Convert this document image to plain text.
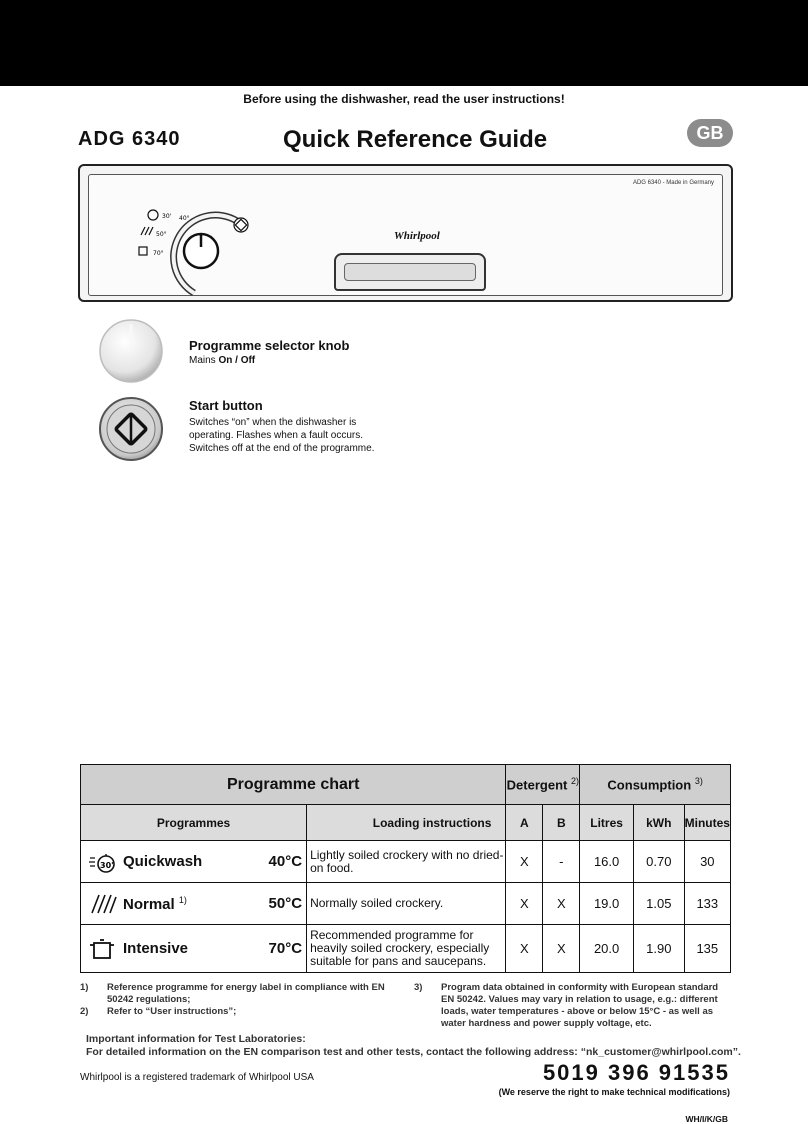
Before using the dishwasher, read the user instructions!
ADG 6340	Quick Reference Guide	GB
ADG 6340 - Made in Germany
30' 40°
50°
70°
Whirlpool
Programme selector knob
Mains On / Off
Start button
Switches “on” when the dishwasher is
operating. Flashes when a fault occurs.
Switches off at the end of the programme.
Programme chart		Detergent $^{2)}$		Consumption $^{3)}$
Programmes	Loading instructions	A	B	Litres	kWh	Minutes

30' Quickwash 40°C	Lightly soiled crockery with no dried-on food.	X	-	16.0	0.70	30

Normal $^{1)}$ 50°C	Normally soiled crockery.	X	X	19.0	1.05	133

Intensive 70°C	Recommended programme for heavily soiled crockery, especially suitable for pans and saucepans.	X	X	20.0	1.90	135
1) Reference programme for energy label in compliance with EN 50242 regulations;
2) Refer to “User instructions”;
3) Program data obtained in conformity with European standard EN 50242. Values may vary in relation to usage, e.g.: different loads, water temperatures - above or below 15°C - as well as water hardness and power supply voltage, etc.
Important information for Test Laboratories:
For detailed information on the EN comparison test and other tests, contact the following address: “nk_customer@whirlpool.com”.
Whirlpool is a registered trademark of Whirlpool USA	5019 396 91535
(We reserve the right to make technical modifications)
WH/I/K/GB
